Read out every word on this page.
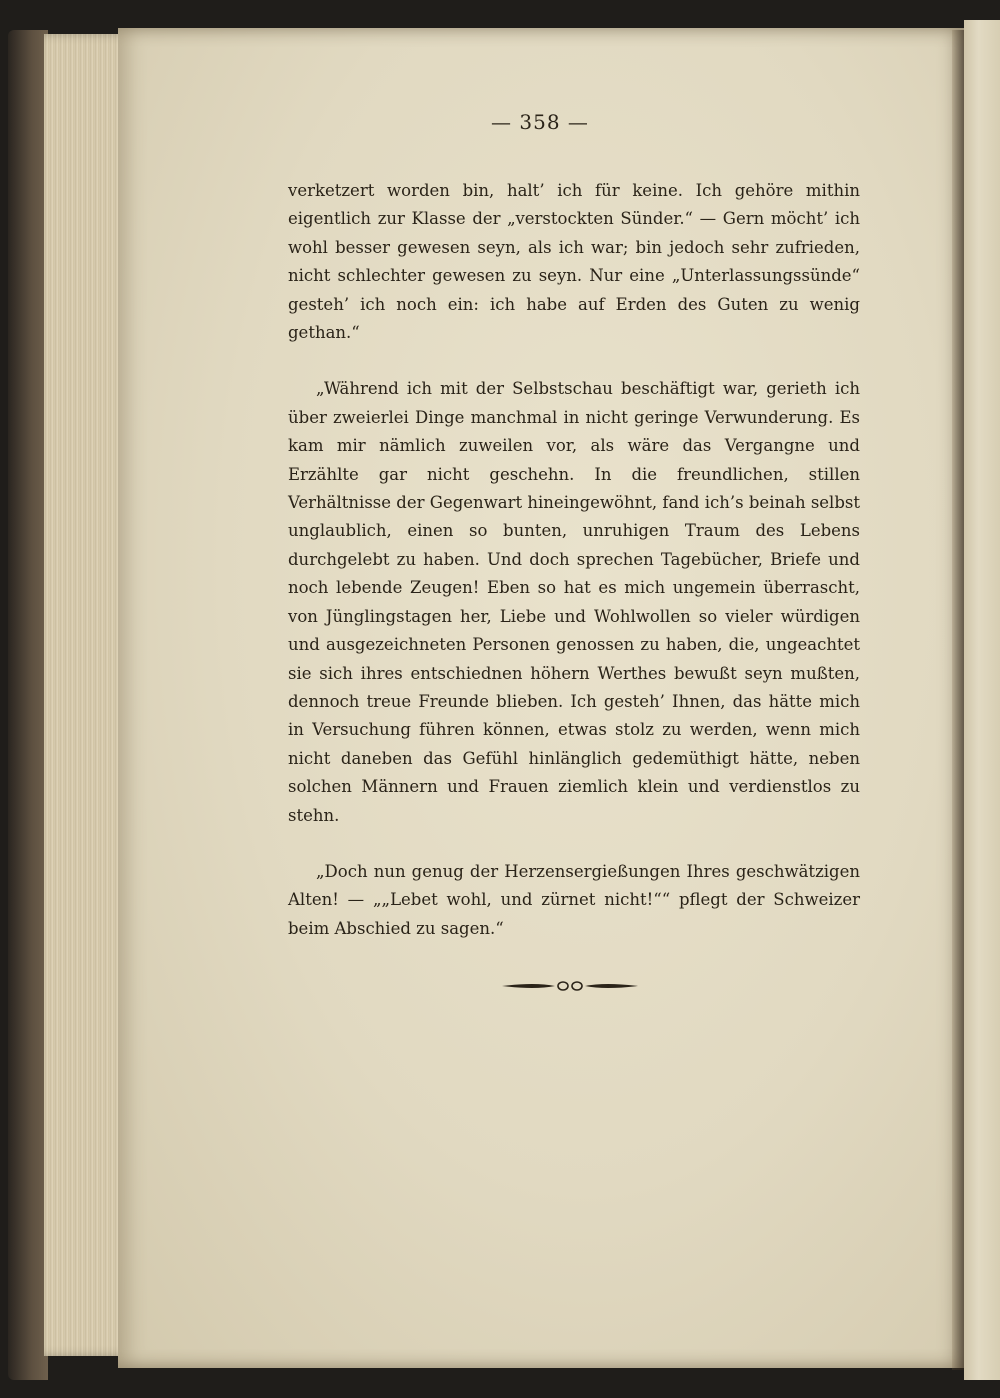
— 358 —

verketzert worden bin, halt’ ich für keine. Ich gehöre mithin eigentlich zur Klasse der „verstockten Sünder.“ — Gern möcht’ ich wohl besser gewesen seyn, als ich war; bin jedoch sehr zufrieden, nicht schlechter gewesen zu seyn. Nur eine „Unterlassungssünde“ gesteh’ ich noch ein: ich habe auf Erden des Guten zu wenig gethan.“

„Während ich mit der Selbstschau beschäftigt war, gerieth ich über zweierlei Dinge manchmal in nicht geringe Verwunderung. Es kam mir nämlich zuweilen vor, als wäre das Vergangne und Erzählte gar nicht geschehn. In die freundlichen, stillen Verhältnisse der Gegenwart hineingewöhnt, fand ich’s beinah selbst unglaublich, einen so bunten, unruhigen Traum des Lebens durchgelebt zu haben. Und doch sprechen Tagebücher, Briefe und noch lebende Zeugen! Eben so hat es mich ungemein überrascht, von Jünglingstagen her, Liebe und Wohlwollen so vieler würdigen und ausgezeichneten Personen genossen zu haben, die, ungeachtet sie sich ihres entschiednen höhern Werthes bewußt seyn mußten, dennoch treue Freunde blieben. Ich gesteh’ Ihnen, das hätte mich in Versuchung führen können, etwas stolz zu werden, wenn mich nicht daneben das Gefühl hinlänglich gedemüthigt hätte, neben solchen Männern und Frauen ziemlich klein und verdienstlos zu stehn.

„Doch nun genug der Herzensergießungen Ihres geschwätzigen Alten! — „„Lebet wohl, und zürnet nicht!““ pflegt der Schweizer beim Abschied zu sagen.“
